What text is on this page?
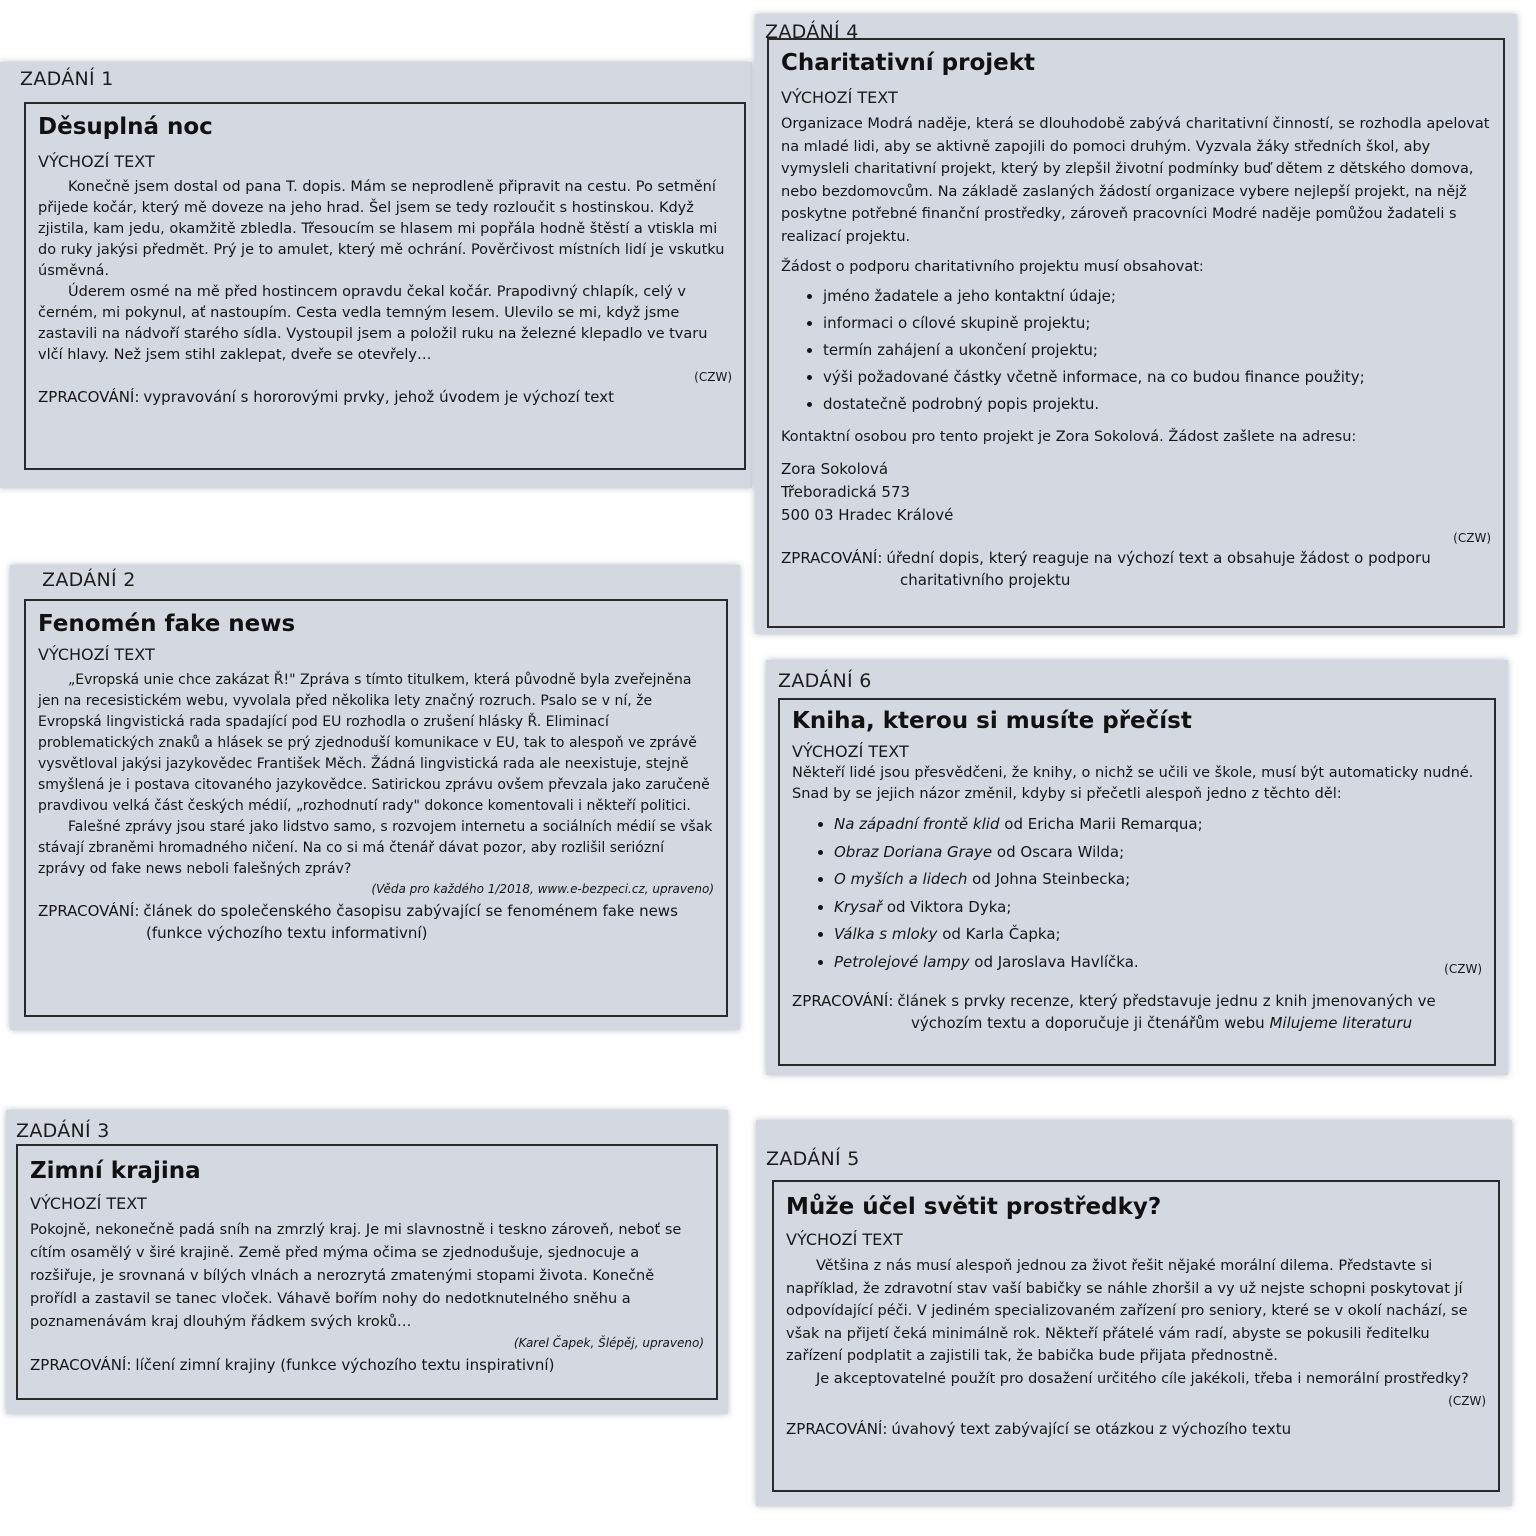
ZADÁNÍ 1
Děsuplná noc
VÝCHOZÍ TEXT

Konečně jsem dostal od pana T. dopis. Mám se neprodleně připravit na cestu. Po setmění přijede kočár, který mě doveze na jeho hrad. Šel jsem se tedy rozloučit s hostinskou. Když zjistila, kam jedu, okamžitě zbledla. Třesoucím se hlasem mi popřála hodně štěstí a vtiskla mi do ruky jakýsi předmět. Prý je to amulet, který mě ochrání. Pověrčivost místních lidí je vskutku úsměvná.

Úderem osmé na mě před hostincem opravdu čekal kočár. Prapodivný chlapík, celý v černém, mi pokynul, ať nastoupím. Cesta vedla temným lesem. Ulevilo se mi, když jsme zastavili na nádvoří starého sídla. Vystoupil jsem a položil ruku na železné klepadlo ve tvaru vlčí hlavy. Než jsem stihl zaklepat, dveře se otevřely…

(CZW)

ZPRACOVÁNÍ: vypravování s hororovými prvky, jehož úvodem je výchozí text

ZADÁNÍ 4
Charitativní projekt
VÝCHOZÍ TEXT

Organizace Modrá naděje, která se dlouhodobě zabývá charitativní činností, se rozhodla apelovat na mladé lidi, aby se aktivně zapojili do pomoci druhým. Vyzvala žáky středních škol, aby vymysleli charitativní projekt, který by zlepšil životní podmínky buď dětem z dětského domova, nebo bezdomovcům. Na základě zaslaných žádostí organizace vybere nejlepší projekt, na nějž poskytne potřebné finanční prostředky, zároveň pracovníci Modré naděje pomůžou žadateli s realizací projektu.

Žádost o podporu charitativního projektu musí obsahovat:

• jméno žadatele a jeho kontaktní údaje;
• informaci o cílové skupině projektu;
• termín zahájení a ukončení projektu;
• výši požadované částky včetně informace, na co budou finance použity;
• dostatečně podrobný popis projektu.

Kontaktní osobou pro tento projekt je Zora Sokolová. Žádost zašlete na adresu:

Zora Sokolová
Třeboradická 573
500 03 Hradec Králové
(CZW)

ZPRACOVÁNÍ: úřední dopis, který reaguje na výchozí text a obsahuje žádost o podporu

charitativního projektu

ZADÁNÍ 2
Fenomén fake news
VÝCHOZÍ TEXT

„Evropská unie chce zakázat Ř!" Zpráva s tímto titulkem, která původně byla zveřejněna jen na recesistickém webu, vyvolala před několika lety značný rozruch. Psalo se v ní, že Evropská lingvistická rada spadající pod EU rozhodla o zrušení hlásky Ř. Eliminací problematických znaků a hlásek se prý zjednoduší komunikace v EU, tak to alespoň ve zprávě vysvětloval jakýsi jazykovědec František Měch. Žádná lingvistická rada ale neexistuje, stejně smyšlená je i postava citovaného jazykovědce. Satirickou zprávu ovšem převzala jako zaručeně pravdivou velká část českých médií, „rozhodnutí rady" dokonce komentovali i někteří politici.

Falešné zprávy jsou staré jako lidstvo samo, s rozvojem internetu a sociálních médií se však stávají zbraněmi hromadného ničení. Na co si má čtenář dávat pozor, aby rozlišil seriózní zprávy od fake news neboli falešných zpráv?

(Věda pro každého 1/2018, www.e-bezpeci.cz, upraveno)

ZPRACOVÁNÍ: článek do společenského časopisu zabývající se fenoménem fake news

(funkce výchozího textu informativní)

ZADÁNÍ 6
Kniha, kterou si musíte přečíst
VÝCHOZÍ TEXT

Někteří lidé jsou přesvědčeni, že knihy, o nichž se učili ve škole, musí být automaticky nudné. Snad by se jejich názor změnil, kdyby si přečetli alespoň jedno z těchto děl:

• Na západní frontě klid od Ericha Marii Remarqua;
• Obraz Doriana Graye od Oscara Wilda;
• O myších a lidech od Johna Steinbecka;
• Krysař od Viktora Dyka;
• Válka s mloky od Karla Čapka;
• Petrolejové lampy od Jaroslava Havlíčka.	(CZW)

ZPRACOVÁNÍ: článek s prvky recenze, který představuje jednu z knih jmenovaných ve

výchozím textu a doporučuje ji čtenářům webu Milujeme literaturu

ZADÁNÍ 3
Zimní krajina
VÝCHOZÍ TEXT

Pokojně, nekonečně padá sníh na zmrzlý kraj. Je mi slavnostně i teskno zároveň, neboť se cítím osamělý v širé krajině. Země před mýma očima se zjednodušuje, sjednocuje a rozšiřuje, je srovnaná v bílých vlnách a nerozrytá zmatenými stopami života. Konečně prořídl a zastavil se tanec vloček. Váhavě bořím nohy do nedotknutelného sněhu a poznamenávám kraj dlouhým řádkem svých kroků…

(Karel Čapek, Šlépěj, upraveno)

ZPRACOVÁNÍ: líčení zimní krajiny (funkce výchozího textu inspirativní)

ZADÁNÍ 5
Může účel světit prostředky?
VÝCHOZÍ TEXT

Většina z nás musí alespoň jednou za život řešit nějaké morální dilema. Představte si například, že zdravotní stav vaší babičky se náhle zhoršil a vy už nejste schopni poskytovat jí odpovídající péči. V jediném specializovaném zařízení pro seniory, které se v okolí nachází, se však na přijetí čeká minimálně rok. Někteří přátelé vám radí, abyste se pokusili ředitelku zařízení podplatit a zajistili tak, že babička bude přijata přednostně.

Je akceptovatelné použít pro dosažení určitého cíle jakékoli, třeba i nemorální prostředky?

(CZW)

ZPRACOVÁNÍ: úvahový text zabývající se otázkou z výchozího textu
